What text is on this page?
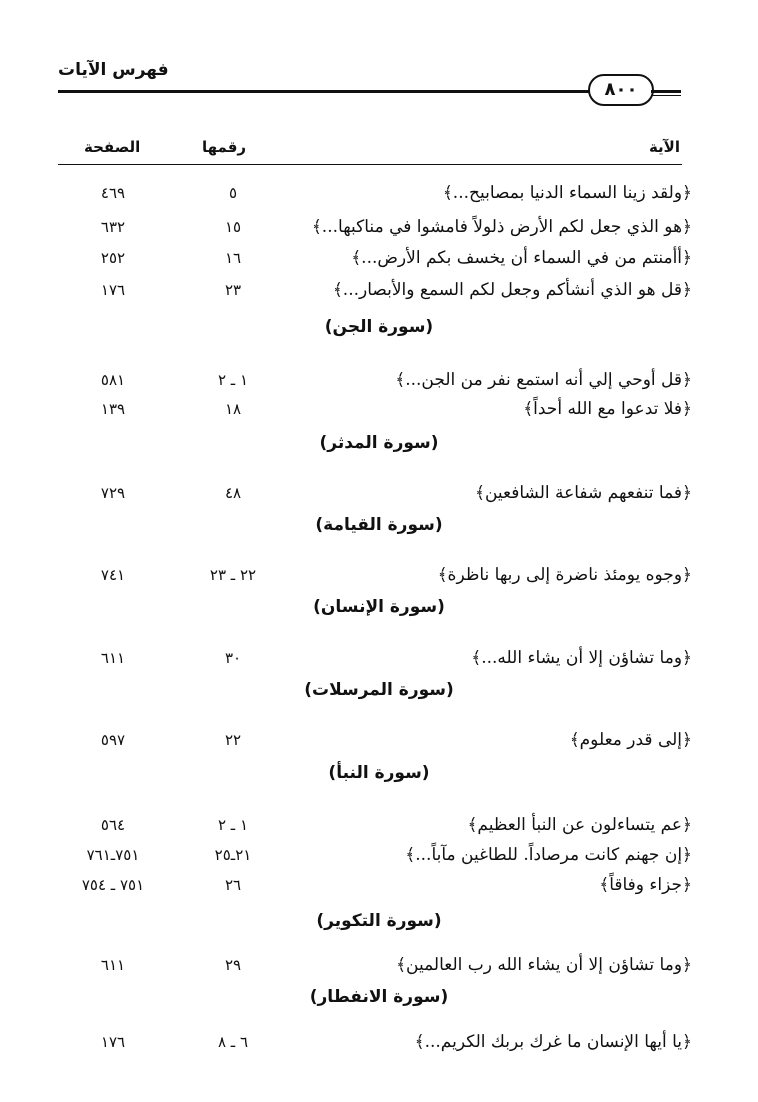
فهرس الآيات
٨٠٠
الآية
رقمها
الصفحة
﴿ولقد زينا السماء الدنيا بمصابيح...﴾
٥
٤٦٩
﴿هو الذي جعل لكم الأرض ذلولاً فامشوا في مناكبها...﴾
١٥
٦٣٢
﴿أأمنتم من في السماء أن يخسف بكم الأرض...﴾
١٦
٢٥٢
﴿قل هو الذي أنشأكم وجعل لكم السمع والأبصار...﴾
٢٣
١٧٦
(سورة الجن)
﴿قل أوحي إلي أنه استمع نفر من الجن...﴾
١ ـ ٢
٥٨١
﴿فلا تدعوا مع الله أحداً﴾
١٨
١٣٩
(سورة المدثر)
﴿فما تنفعهم شفاعة الشافعين﴾
٤٨
٧٢٩
(سورة القيامة)
﴿وجوه يومئذ ناضرة إلى ربها ناظرة﴾
٢٢ ـ ٢٣
٧٤١
(سورة الإنسان)
﴿وما تشاؤن إلا أن يشاء الله...﴾
٣٠
٦١١
(سورة المرسلات)
﴿إلى قدر معلوم﴾
٢٢
٥٩٧
(سورة النبأ)
﴿عم يتساءلون عن النبأ العظيم﴾
١ ـ ٢
٥٦٤
﴿إن جهنم كانت مرصاداً. للطاغين مآباً...﴾
٢١ـ٢٥
٧٥١ـ٧٦١
﴿جزاء وفاقاً﴾
٢٦
٧٥١ ـ ٧٥٤
(سورة التكوير)
﴿وما تشاؤن إلا أن يشاء الله رب العالمين﴾
٢٩
٦١١
(سورة الانفطار)
﴿يا أيها الإنسان ما غرك بربك الكريم...﴾
٦ ـ ٨
١٧٦
